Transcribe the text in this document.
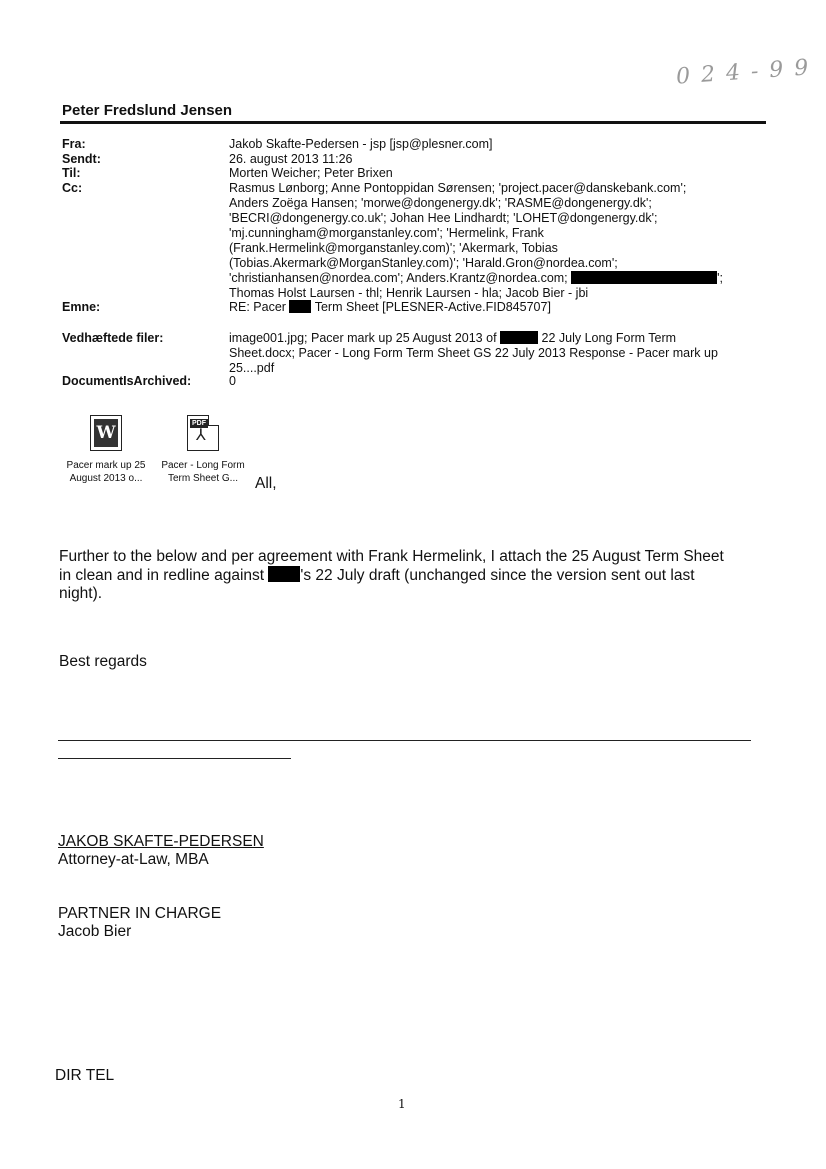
0 2 4 - 9 9
Peter Fredslund Jensen
Fra:	Jakob Skafte-Pedersen - jsp [jsp@plesner.com]
Sendt:	26. august 2013 11:26
Til:	Morten Weicher; Peter Brixen
Cc:	Rasmus Lønborg; Anne Pontoppidan Sørensen; 'project.pacer@danskebank.com';
Anders Zoëga Hansen; 'morwe@dongenergy.dk'; 'RASME@dongenergy.dk';
'BECRI@dongenergy.co.uk'; Johan Hee Lindhardt; 'LOHET@dongenergy.dk';
'mj.cunningham@morganstanley.com'; 'Hermelink, Frank
(Frank.Hermelink@morganstanley.com)'; 'Akermark, Tobias
(Tobias.Akermark@MorganStanley.com)'; 'Harald.Gron@nordea.com';
'christianhansen@nordea.com'; Anders.Krantz@nordea.com;	';
Thomas Holst Laursen - thl; Henrik Laursen - hla; Jacob Bier - jbi
Emne:	RE: Pacer Term Sheet [PLESNER-Active.FID845707]
Vedhæftede filer:	image001.jpg; Pacer mark up 25 August 2013 of	22 July Long Form Term
Sheet.docx; Pacer - Long Form Term Sheet GS 22 July 2013 Response - Pacer mark up
25....pdf
DocumentIsArchived:	0
W
Pacer mark up 25
August 2013 o...
PDF
⅄
Pacer - Long Form
Term Sheet G...	All,
Further to the below and per agreement with Frank Hermelink, I attach the 25 August Term Sheet
in clean and in redline against 's 22 July draft (unchanged since the version sent out last
night).
Best regards
JAKOB SKAFTE-PEDERSEN
Attorney-at-Law, MBA
PARTNER IN CHARGE
Jacob Bier
DIR TEL
1
